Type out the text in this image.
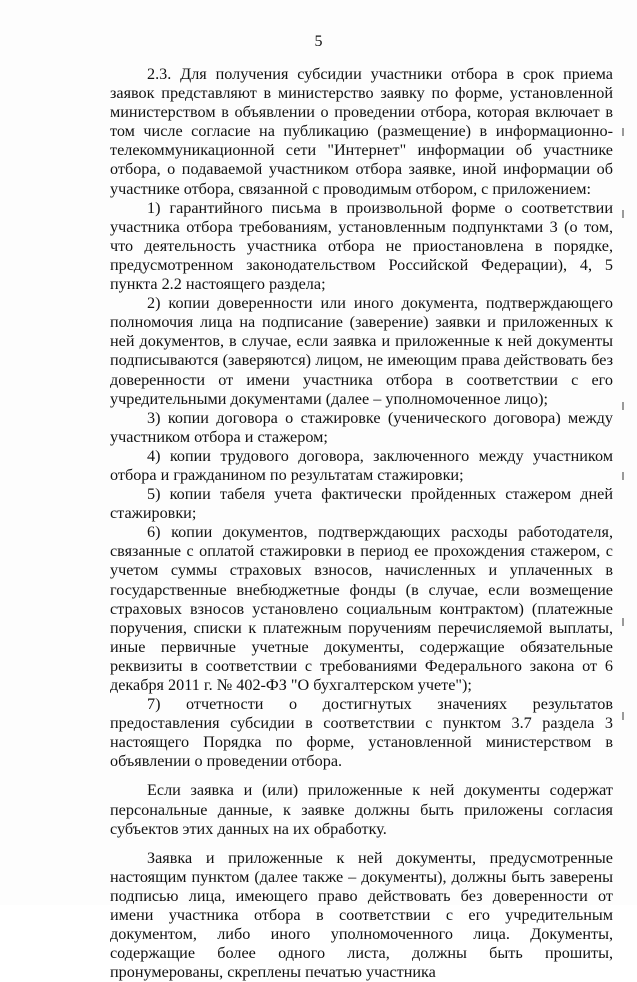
5

2.3. Для получения субсидии участники отбора в срок приема заявок представляют в министерство заявку по форме, установленной министерством в объявлении о проведении отбора, которая включает в том числе согласие на публикацию (размещение) в информационно-телекоммуникационной сети "Интернет" информации об участнике отбора, о подаваемой участником отбора заявке, иной информации об участнике отбора, связанной с проводимым отбором, с приложением:

1) гарантийного письма в произвольной форме о соответствии участника отбора требованиям, установленным подпунктами 3 (о том, что деятельность участника отбора не приостановлена в порядке, предусмотренном законодательством Российской Федерации), 4, 5 пункта 2.2 настоящего раздела;

2) копии доверенности или иного документа, подтверждающего полномочия лица на подписание (заверение) заявки и приложенных к ней документов, в случае, если заявка и приложенные к ней документы подписываются (заверяются) лицом, не имеющим права действовать без доверенности от имени участника отбора в соответствии с его учредительными документами (далее – уполномоченное лицо);

3) копии договора о стажировке (ученического договора) между участником отбора и стажером;

4) копии трудового договора, заключенного между участником отбора и гражданином по результатам стажировки;

5) копии табеля учета фактически пройденных стажером дней стажировки;

6) копии документов, подтверждающих расходы работодателя, связанные с оплатой стажировки в период ее прохождения стажером, с учетом суммы страховых взносов, начисленных и уплаченных в государственные внебюджетные фонды (в случае, если возмещение страховых взносов установлено социальным контрактом) (платежные поручения, списки к платежным поручениям перечисляемой выплаты, иные первичные учетные документы, содержащие обязательные реквизиты в соответствии с требованиями Федерального закона от 6 декабря 2011 г. № 402-ФЗ "О бухгалтерском учете");

7) отчетности о достигнутых значениях результатов предоставления субсидии в соответствии с пунктом 3.7 раздела 3 настоящего Порядка по форме, установленной министерством в объявлении о проведении отбора.

Если заявка и (или) приложенные к ней документы содержат персональные данные, к заявке должны быть приложены согласия субъектов этих данных на их обработку.

Заявка и приложенные к ней документы, предусмотренные настоящим пунктом (далее также – документы), должны быть заверены подписью лица, имеющего право действовать без доверенности от имени участника отбора в соответствии с его учредительным документом, либо иного уполномоченного лица. Документы, содержащие более одного листа, должны быть прошиты, пронумерованы, скреплены печатью участника
